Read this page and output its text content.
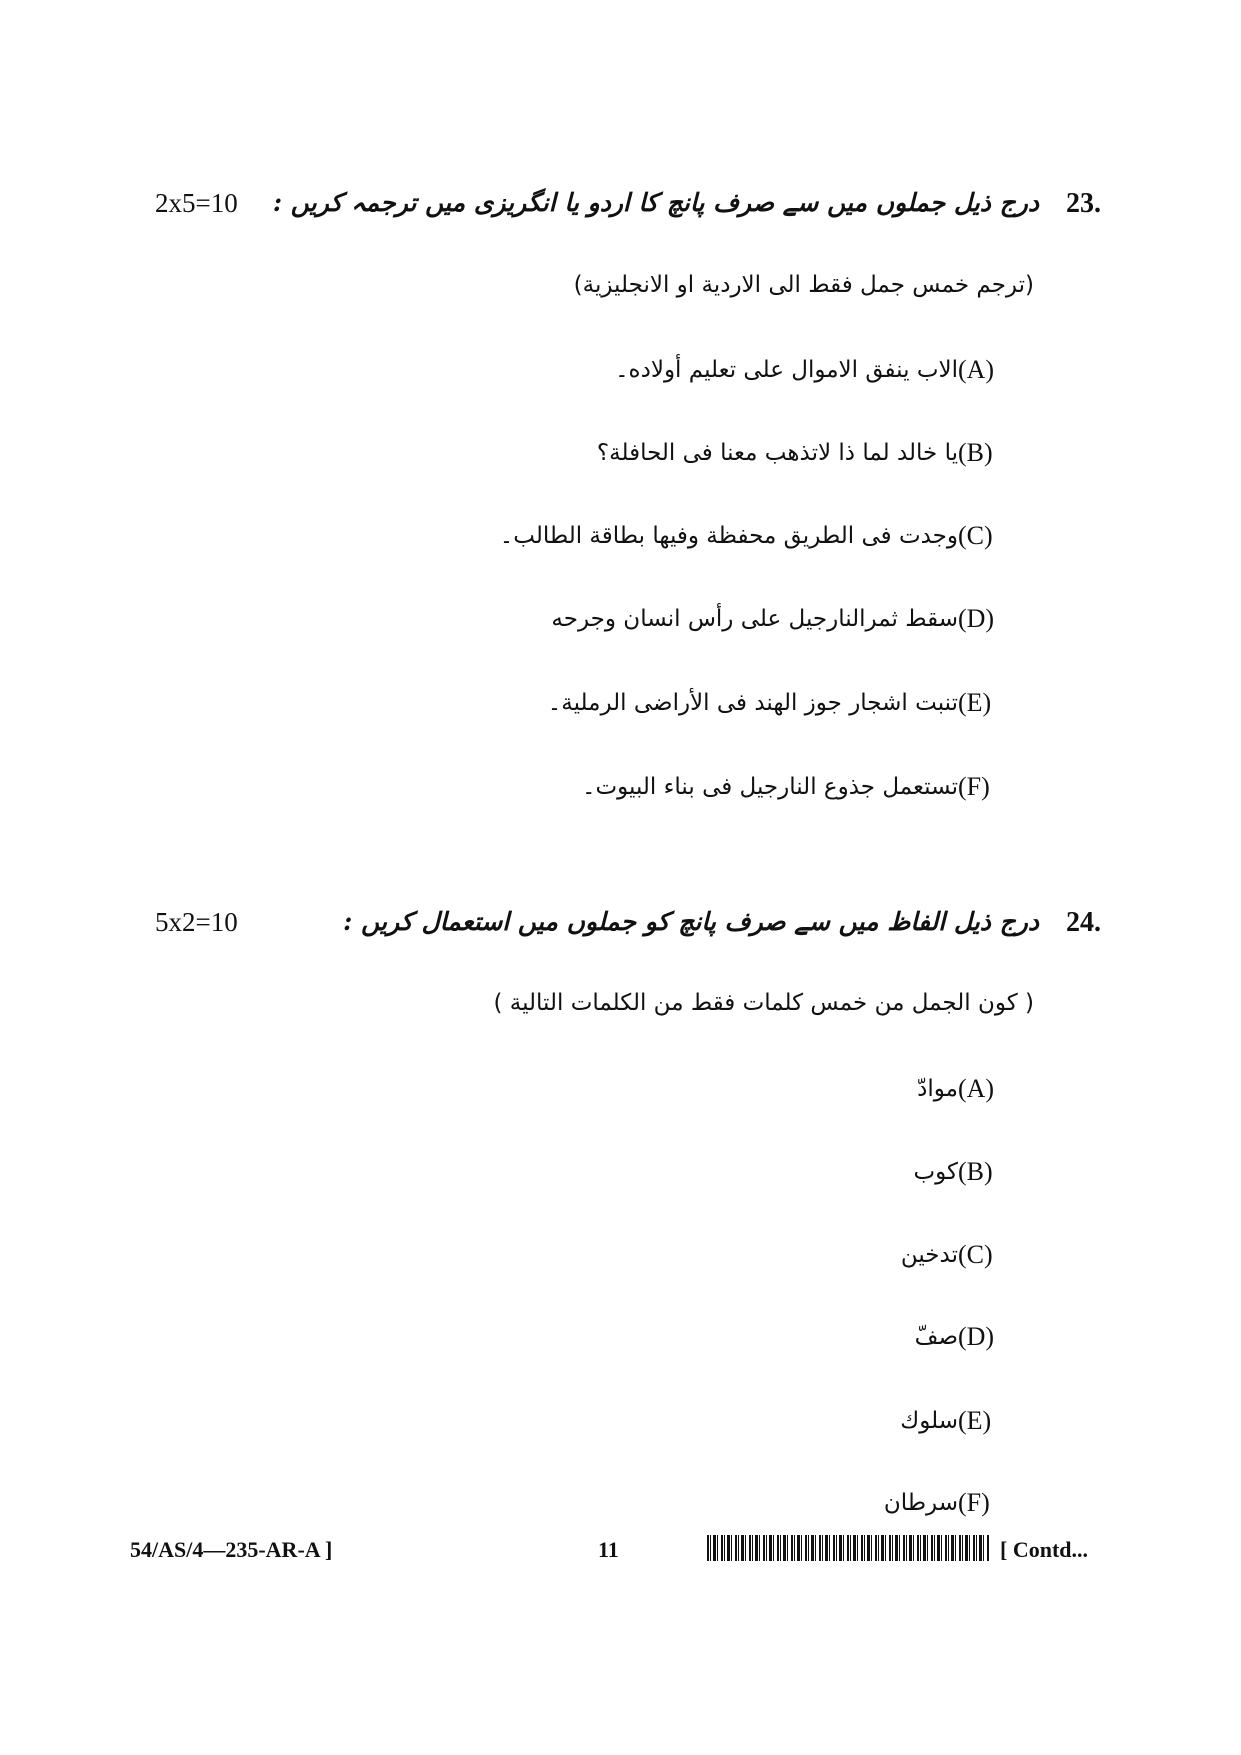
23.
درج ذیل جملوں میں سے صرف پانچ کا اردو یا انگریزی میں ترجمہ کریں :
2x5=10
(ترجم خمس جمل فقط الى الاردية او الانجليزية)
(A)
الاب ينفق الاموال على تعليم أولاده۔
(B)
يا خالد لما ذا لاتذهب معنا فى الحافلة؟
(C)
وجدت فى الطريق محفظة وفيها بطاقة الطالب۔
(D)
سقط ثمرالنارجيل على رأس انسان وجرحه
(E)
تنبت اشجار جوز الهند فى الأراضى الرملية۔
(F)
تستعمل جذوع النارجيل فى بناء البيوت۔
24.
درج ذیل الفاظ میں سے صرف پانچ کو جملوں میں استعمال کریں :
5x2=10
( كون الجمل من خمس كلمات فقط من الكلمات التالية )
(A)
موادّ
(B)
كوب
(C)
تدخين
(D)
صفّ
(E)
سلوك
(F)
سرطان
54/AS/4—235-AR-A ]	11	[ Contd...
